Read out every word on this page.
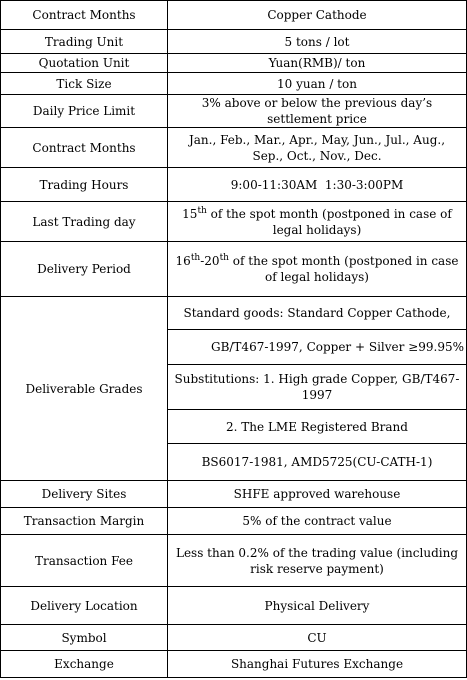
Contract Months	Copper Cathode
Trading Unit	5 tons / lot
Quotation Unit	Yuan(RMB)/ ton
Tick Size	10 yuan / ton
Daily Price Limit	3% above or below the previous day’s settlement price
Contract Months	Jan., Feb., Mar., Apr., May, Jun., Jul., Aug., Sep., Oct., Nov., Dec.
Trading Hours	9:00-11:30AM  1:30-3:00PM
Last Trading day	15th of the spot month (postponed in case of legal holidays)
Delivery Period	16th-20th of the spot month (postponed in case of legal holidays)
Deliverable Grades	Standard goods: Standard Copper Cathode,
	GB/T467-1997, Copper + Silver ≥99.95%
	Substitutions: 1. High grade Copper, GB/T467-1997
	2. The LME Registered Brand
	BS6017-1981, AMD5725(CU-CATH-1)
Delivery Sites	SHFE approved warehouse
Transaction Margin	5% of the contract value
Transaction Fee	Less than 0.2% of the trading value (including risk reserve payment)
Delivery Location	Physical Delivery
Symbol	CU
Exchange	Shanghai Futures Exchange
